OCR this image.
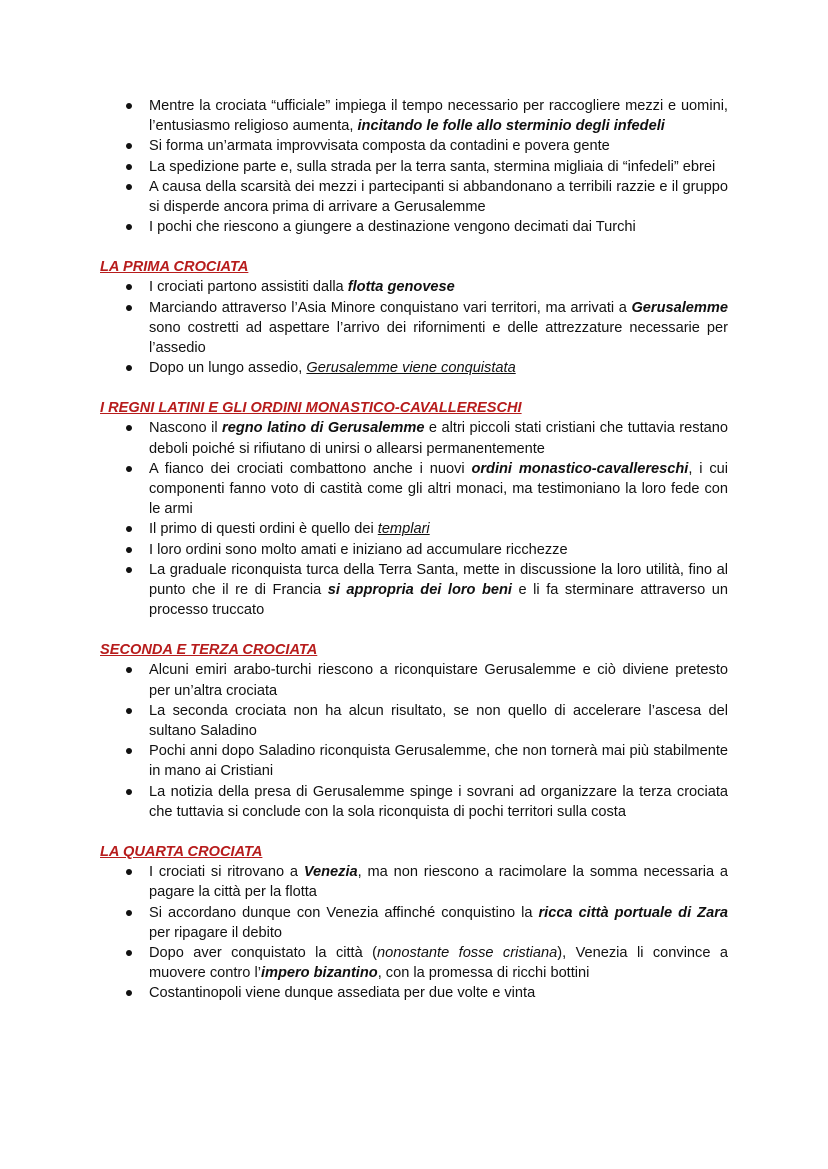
Mentre la crociata “ufficiale” impiega il tempo necessario per raccogliere mezzi e uomini, l’entusiasmo religioso aumenta, incitando le folle allo sterminio degli infedeli
Si forma un’armata improvvisata composta da contadini e povera gente
La spedizione parte e, sulla strada per la terra santa, stermina migliaia di “infedeli” ebrei
A causa della scarsità dei mezzi i partecipanti si abbandonano a terribili razzie e il gruppo si disperde ancora prima di arrivare a Gerusalemme
I pochi che riescono a giungere a destinazione vengono decimati dai Turchi
LA PRIMA CROCIATA
I crociati partono assistiti dalla flotta genovese
Marciando attraverso l’Asia Minore conquistano vari territori, ma arrivati a Gerusalemme sono costretti ad aspettare l’arrivo dei rifornimenti e delle attrezzature necessarie per l’assedio
Dopo un lungo assedio, Gerusalemme viene conquistata
I REGNI LATINI E GLI ORDINI MONASTICO-CAVALLERESCHI
Nascono il regno latino di Gerusalemme e altri piccoli stati cristiani che tuttavia restano deboli poiché si rifiutano di unirsi o allearsi permanentemente
A fianco dei crociati combattono anche i nuovi ordini monastico-cavallereschi, i cui componenti fanno voto di castità come gli altri monaci, ma testimoniano la loro fede con le armi
Il primo di questi ordini è quello dei templari
I loro ordini sono molto amati e iniziano ad accumulare ricchezze
La graduale riconquista turca della Terra Santa, mette in discussione la loro utilità, fino al punto che il re di Francia si appropria dei loro beni e li fa sterminare attraverso un processo truccato
SECONDA E TERZA CROCIATA
Alcuni emiri arabo-turchi riescono a riconquistare Gerusalemme e ciò diviene pretesto per un’altra crociata
La seconda crociata non ha alcun risultato, se non quello di accelerare l’ascesa del sultano Saladino
Pochi anni dopo Saladino riconquista Gerusalemme, che non tornerà mai più stabilmente in mano ai Cristiani
La notizia della presa di Gerusalemme spinge i sovrani ad organizzare la terza crociata che tuttavia si conclude con la sola riconquista di pochi territori sulla costa
LA QUARTA CROCIATA
I crociati si ritrovano a Venezia, ma non riescono a racimolare la somma necessaria a pagare la città per la flotta
Si accordano dunque con Venezia affinché conquistino la ricca città portuale di Zara per ripagare il debito
Dopo aver conquistato la città (nonostante fosse cristiana), Venezia li convince a muovere contro l’impero bizantino, con la promessa di ricchi bottini
Costantinopoli viene dunque assediata per due volte e vinta
